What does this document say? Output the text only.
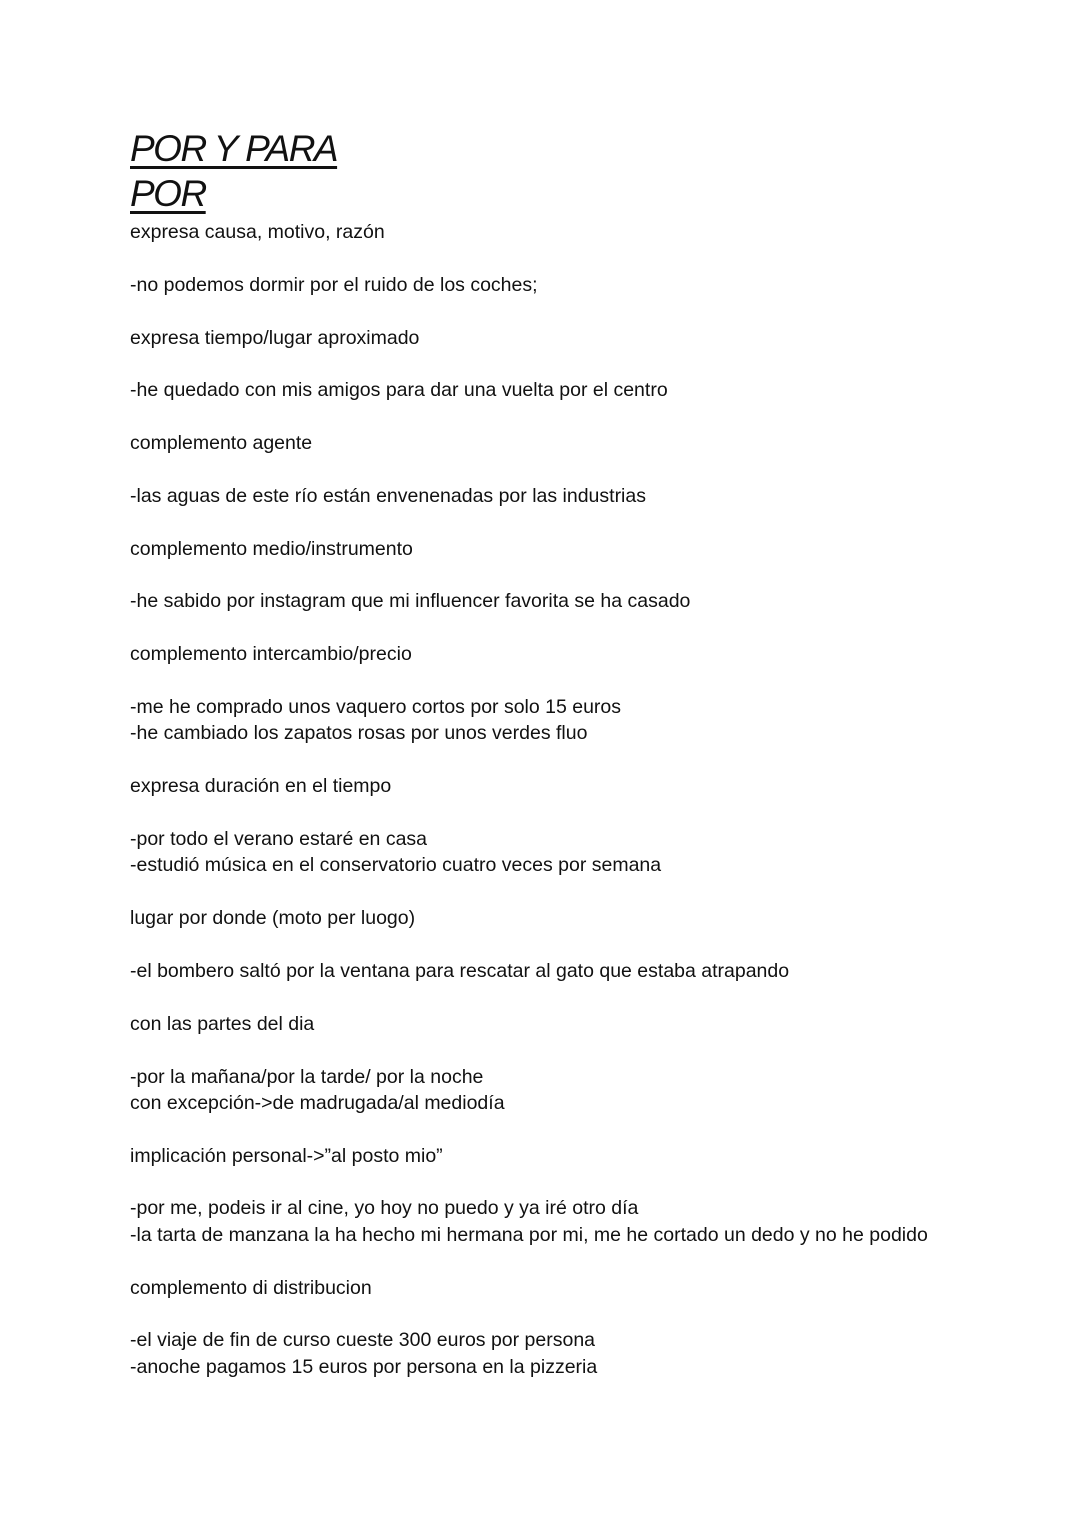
POR Y PARA
POR
expresa causa, motivo, razón
-no podemos dormir por el ruido de los coches;
expresa tiempo/lugar aproximado
-he quedado con mis amigos para dar una vuelta por el centro
complemento agente
-las aguas de este río están envenenadas por las industrias
complemento medio/instrumento
-he sabido por instagram que mi influencer favorita se ha casado
complemento intercambio/precio
-me he comprado unos vaquero cortos por solo 15 euros
-he cambiado los zapatos rosas por unos verdes fluo
expresa duración en el tiempo
-por todo el verano estaré en casa
-estudió música en el conservatorio cuatro veces por semana
lugar por donde (moto per luogo)
-el bombero saltó por la ventana para rescatar al gato que estaba atrapando
con las partes del dia
-por la mañana/por la tarde/ por la noche
con excepción->de madrugada/al mediodía
implicación personal->”al posto mio”
-por me, podeis ir al cine, yo hoy no puedo y ya iré otro día
-la tarta de manzana la ha hecho mi hermana por mi, me he cortado un dedo y no he podido
complemento di distribucion
-el viaje de fin de curso cueste 300 euros por persona
-anoche pagamos 15 euros por persona en la pizzeria
